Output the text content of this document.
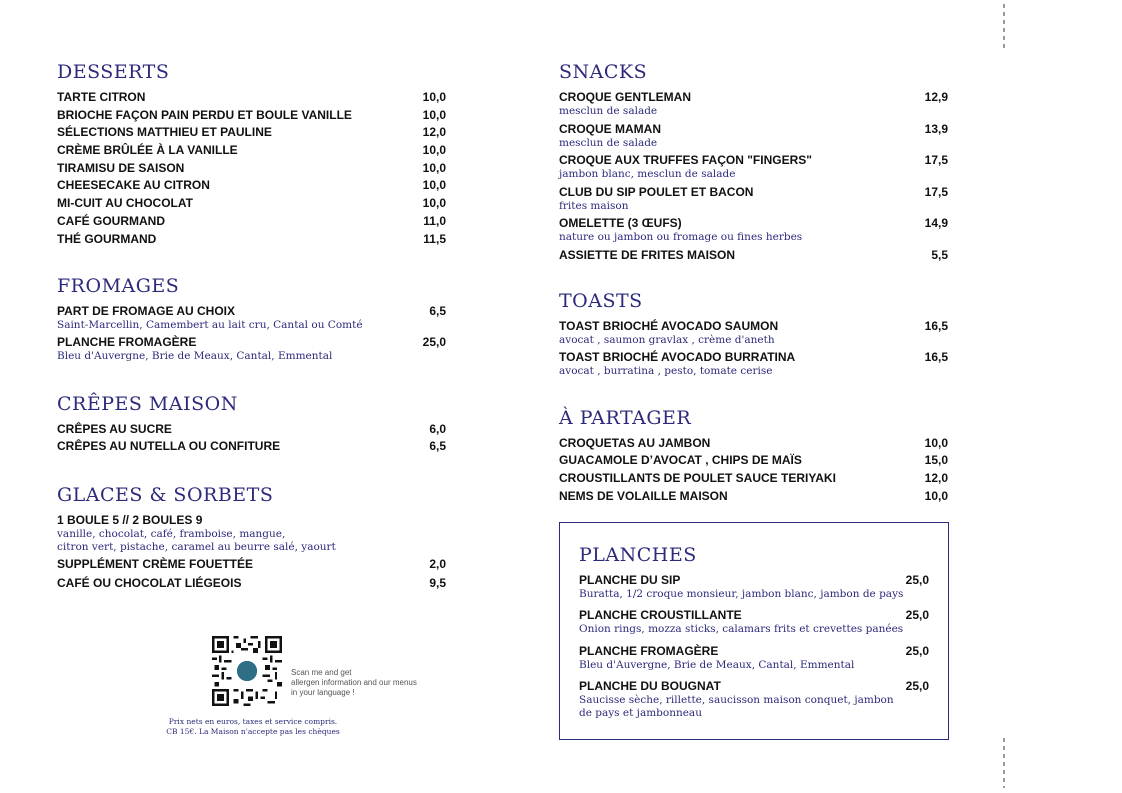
DESSERTS
TARTE CITRON	10,0
BRIOCHE FAÇON PAIN PERDU ET BOULE VANILLE	10,0
SÉLECTIONS MATTHIEU ET PAULINE	12,0
CRÈME BRÛLÉE À LA VANILLE	10,0
TIRAMISU DE SAISON	10,0
CHEESECAKE AU CITRON	10,0
MI-CUIT AU CHOCOLAT	10,0
CAFÉ GOURMAND	11,0
THÉ GOURMAND	11,5
FROMAGES
PART DE FROMAGE AU CHOIX	6,5
Saint-Marcellin, Camembert au lait cru, Cantal ou Comté
PLANCHE FROMAGÈRE	25,0
Bleu d'Auvergne, Brie de Meaux, Cantal, Emmental
CRÊPES MAISON
CRÊPES AU SUCRE	6,0
CRÊPES AU NUTELLA OU CONFITURE	6,5
GLACES & SORBETS
1 BOULE 5 // 2 BOULES 9
vanille, chocolat, café, framboise, mangue,
citron vert, pistache, caramel au beurre salé, yaourt
SUPPLÉMENT CRÈME FOUETTÉE	2,0
CAFÉ OU CHOCOLAT LIÉGEOIS	9,5
Scan me and get
allergen information and our menus
in your language !
Prix nets en euros, taxes et service compris.
CB 15€. La Maison n'accepte pas les chèques
SNACKS
CROQUE GENTLEMAN	12,9
mesclun de salade
CROQUE MAMAN	13,9
mesclun de salade
CROQUE AUX TRUFFES FAÇON "FINGERS"	17,5
jambon blanc, mesclun de salade
CLUB DU SIP POULET ET BACON	17,5
frites maison
OMELETTE (3 ŒUFS)	14,9
nature ou jambon ou fromage ou fines herbes
ASSIETTE DE FRITES MAISON	5,5
TOASTS
TOAST BRIOCHÉ AVOCADO SAUMON	16,5
avocat , saumon gravlax , crème d'aneth
TOAST BRIOCHÉ AVOCADO BURRATINA	16,5
avocat , burratina , pesto, tomate cerise
À PARTAGER
CROQUETAS AU JAMBON	10,0
GUACAMOLE D’AVOCAT , CHIPS DE MAÏS	15,0
CROUSTILLANTS DE POULET SAUCE TERIYAKI	12,0
NEMS DE VOLAILLE MAISON	10,0
PLANCHES
PLANCHE DU SIP	25,0
Buratta, 1/2 croque monsieur, jambon blanc, jambon de pays
PLANCHE CROUSTILLANTE	25,0
Onion rings, mozza sticks, calamars frits et crevettes panées
PLANCHE FROMAGÈRE	25,0
Bleu d'Auvergne, Brie de Meaux, Cantal, Emmental
PLANCHE DU BOUGNAT	25,0
Saucisse sèche, rillette, saucisson maison conquet, jambon
de pays et jambonneau
